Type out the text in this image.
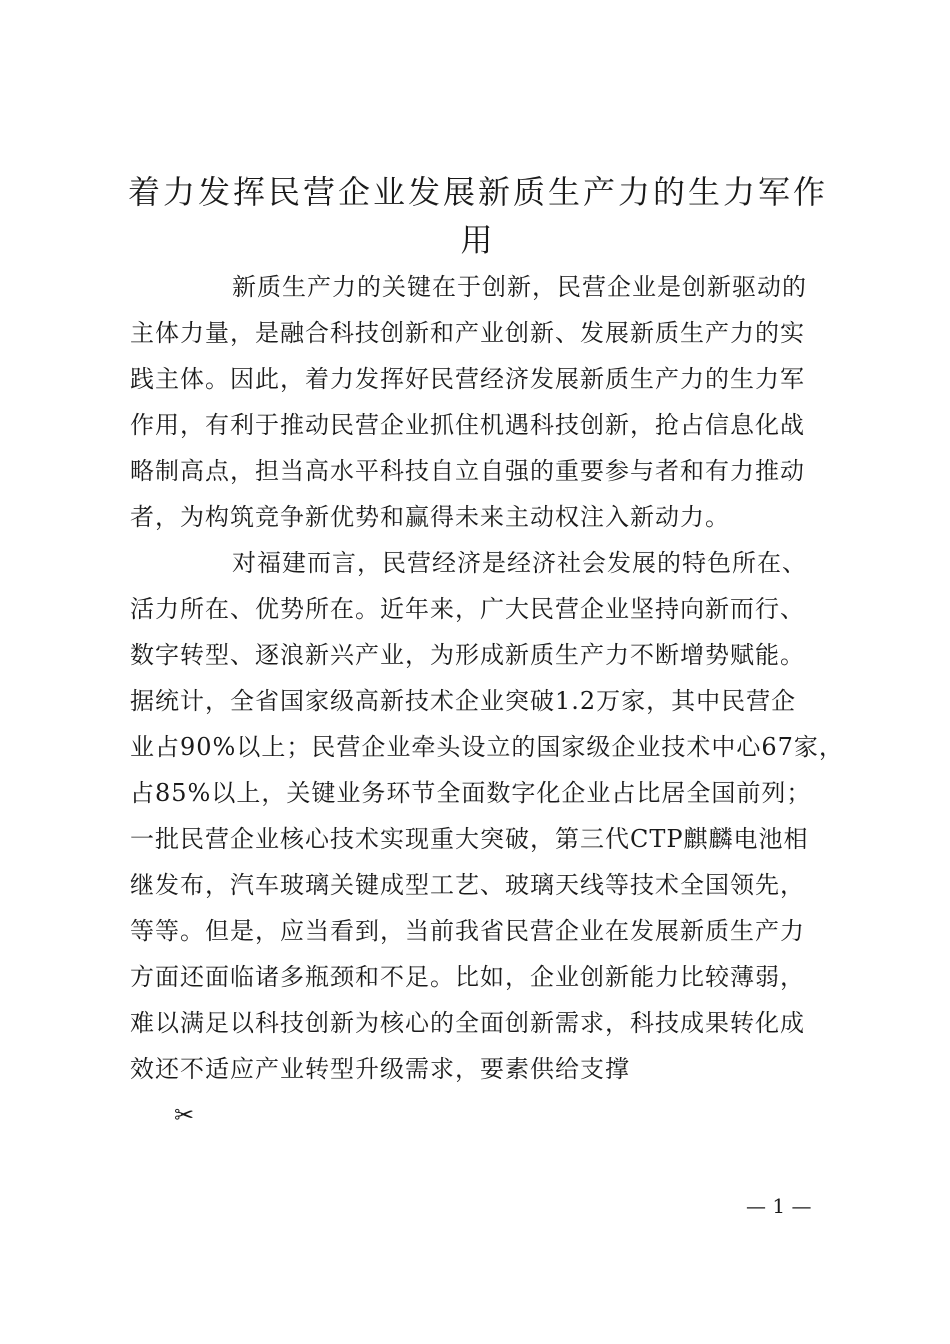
着力发挥民营企业发展新质生产力的生力军作用
新质生产力的关键在于创新，民营企业是创新驱动的
主体力量，是融合科技创新和产业创新、发展新质生产力的实
践主体。因此，着力发挥好民营经济发展新质生产力的生力军
作用，有利于推动民营企业抓住机遇科技创新，抢占信息化战
略制高点，担当高水平科技自立自强的重要参与者和有力推动
者，为构筑竞争新优势和赢得未来主动权注入新动力。
对福建而言，民营经济是经济社会发展的特色所在、
活力所在、优势所在。近年来，广大民营企业坚持向新而行、
数字转型、逐浪新兴产业，为形成新质生产力不断增势赋能。
据统计，全省国家级高新技术企业突破1.2万家，其中民营企
业占90%以上；民营企业牵头设立的国家级企业技术中心67家，
占85%以上，关键业务环节全面数字化企业占比居全国前列；
一批民营企业核心技术实现重大突破，第三代CTP麒麟电池相
继发布，汽车玻璃关键成型工艺、玻璃天线等技术全国领先，
等等。但是，应当看到，当前我省民营企业在发展新质生产力
方面还面临诸多瓶颈和不足。比如，企业创新能力比较薄弱，
难以满足以科技创新为核心的全面创新需求，科技成果转化成
效还不适应产业转型升级需求，要素供给支撑
✂
— 1 —
